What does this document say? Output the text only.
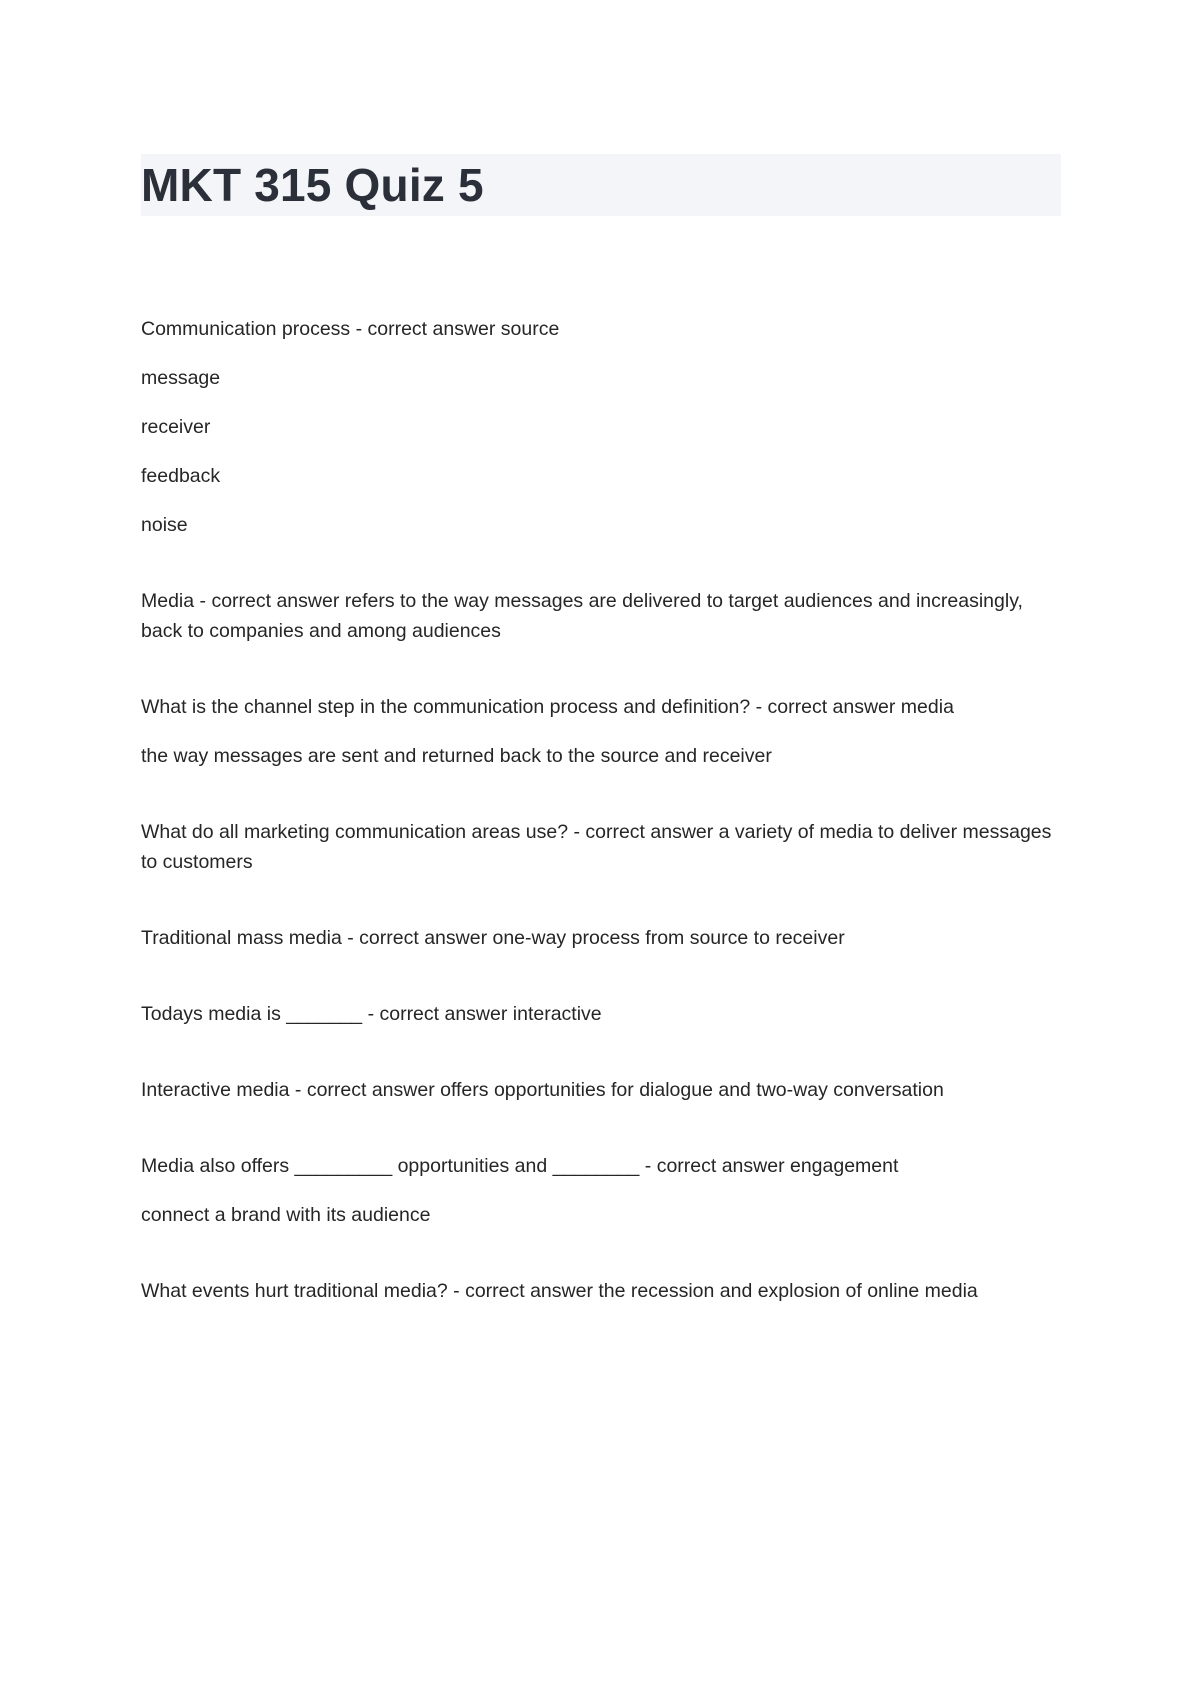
MKT 315 Quiz 5

Communication process - correct answer source

message

receiver

feedback

noise

Media - correct answer refers to the way messages are delivered to target audiences and increasingly, back to companies and among audiences

What is the channel step in the communication process and definition? - correct answer media

the way messages are sent and returned back to the source and receiver

What do all marketing communication areas use? - correct answer a variety of media to deliver messages to customers

Traditional mass media - correct answer one-way process from source to receiver

Todays media is _______ - correct answer interactive

Interactive media - correct answer offers opportunities for dialogue and two-way conversation

Media also offers _________ opportunities and ________ - correct answer engagement

connect a brand with its audience

What events hurt traditional media? - correct answer the recession and explosion of online media
